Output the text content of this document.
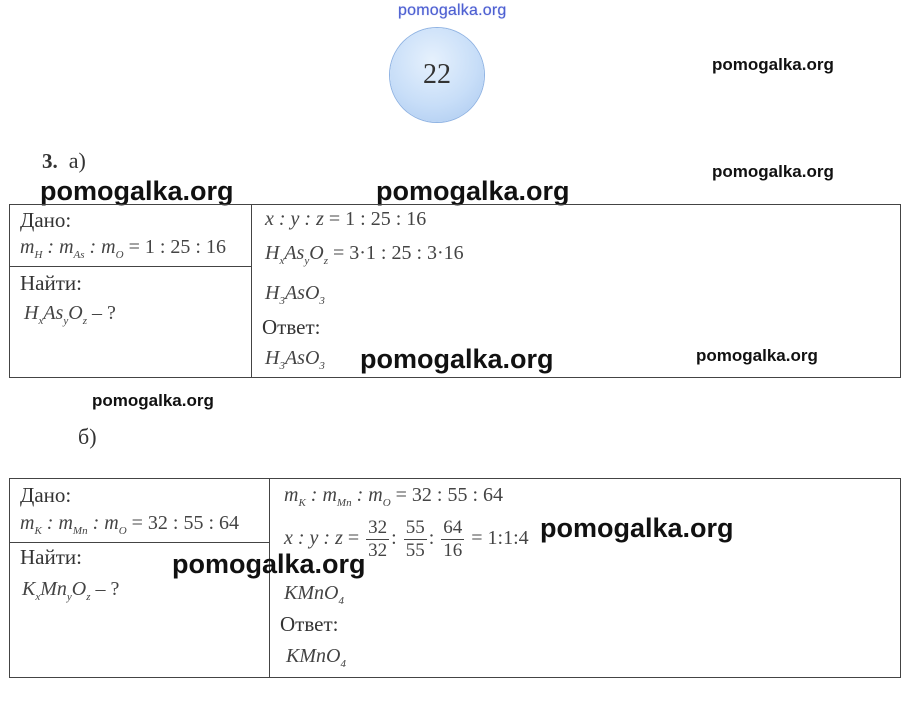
pomogalka.org
22	pomogalka.org
pomogalka.org
3. а)
pomogalka.org	pomogalka.org
Дано:
$m_H$ : $m_{As}$ : $m_O = 1$ : 25 : 16
Найти:
$H_xAs_yO_z$ – ?
x : y : z = 1 : 25 : 16
$H_xAs_yO_z = 3\cdot 1$ : 25 : 3·16
$H_3AsO_3$
Ответ:
$H_3AsO_3$ pomogalka.org	pomogalka.org
pomogalka.org
б)
Дано:
$m_K$ : $m_{Mn}$ : $m_O = 32$ : 55 : 64
Найти:
$K_xMn_yO_z$ – ?
$m_K$ : $m_{Mn}$ : $m_O = 32$ : 55 : 64
x : y : $z = \frac{32}{32}$ : $\frac{55}{55}$ : $\frac{64}{16}$ = 1:1:4
KMnO$_4$
Ответ:
KMnO$_4$
pomogalka.org
pomogalka.org
